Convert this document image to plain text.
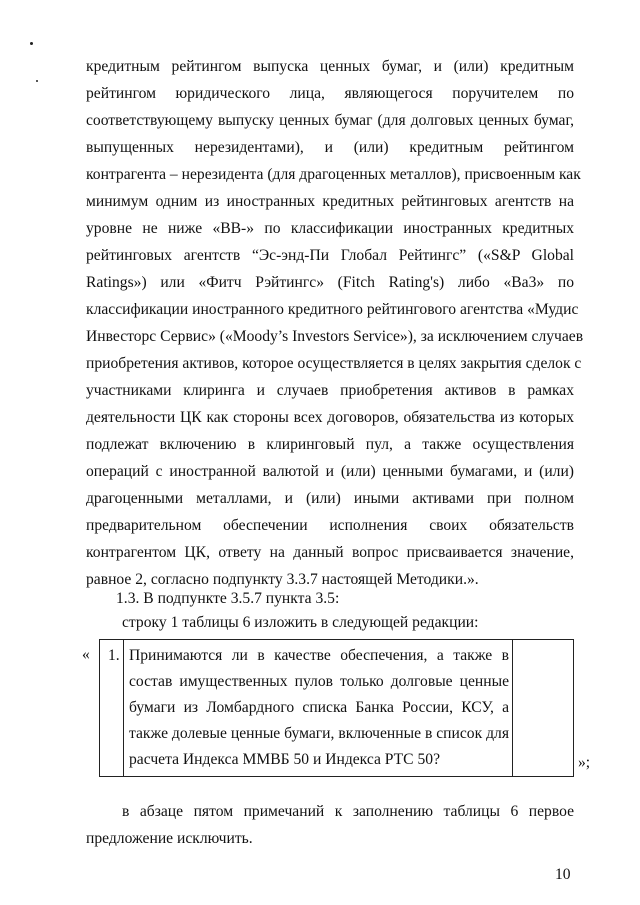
кредитным рейтингом выпуска ценных бумаг, и (или) кредитным
рейтингом юридического лица, являющегося поручителем по
соответствующему выпуску ценных бумаг (для долговых ценных бумаг,
выпущенных нерезидентами), и (или) кредитным рейтингом
контрагента – нерезидента (для драгоценных металлов), присвоенным как
минимум одним из иностранных кредитных рейтинговых агентств на
уровне не ниже «BB-» по классификации иностранных кредитных
рейтинговых агентств “Эс-энд-Пи Глобал Рейтингс” («S&P Global
Ratings») или «Фитч Рэйтингс» (Fitch Rating's) либо «Ba3» по
классификации иностранного кредитного рейтингового агентства «Мудис
Инвесторс Сервис» («Moody’s Investors Service»), за исключением случаев
приобретения активов, которое осуществляется в целях закрытия сделок с
участниками клиринга и случаев приобретения активов в рамках
деятельности ЦК как стороны всех договоров, обязательства из которых
подлежат включению в клиринговый пул, а также осуществления
операций с иностранной валютой и (или) ценными бумагами, и (или)
драгоценными металлами, и (или) иными активами при полном
предварительном обеспечении исполнения своих обязательств
контрагентом ЦК, ответу на данный вопрос присваивается значение,
равное 2, согласно подпункту 3.3.7 настоящей Методики.».
1.3. В подпункте 3.5.7 пункта 3.5:
строку 1 таблицы 6 изложить в следующей редакции:
« 1. Принимаются ли в качестве обеспечения, а также в
состав имущественных пулов только долговые ценные
бумаги из Ломбардного списка Банка России, КСУ, а
также долевые ценные бумаги, включенные в список для
расчета Индекса ММВБ 50 и Индекса РТС 50?	»;
в абзаце пятом примечаний к заполнению таблицы 6 первое
предложение исключить.
10
